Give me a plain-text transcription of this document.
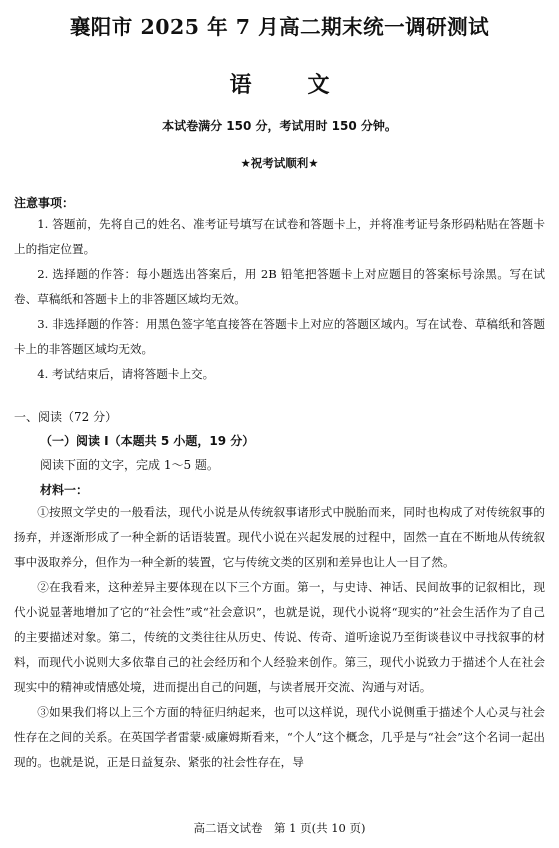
襄阳市 2025 年 7 月高二期末统一调研测试
语	文
本试卷满分 150 分，考试用时 150 分钟。
★祝考试顺利★
注意事项：

1. 答题前，先将自己的姓名、准考证号填写在试卷和答题卡上，并将准考证号条形码粘贴在答题卡上的指定位置。

2. 选择题的作答：每小题选出答案后，用 2B 铅笔把答题卡上对应题目的答案标号涂黑。写在试卷、草稿纸和答题卡上的非答题区域均无效。

3. 非选择题的作答：用黑色签字笔直接答在答题卡上对应的答题区域内。写在试卷、草稿纸和答题卡上的非答题区域均无效。

4. 考试结束后，请将答题卡上交。

一、阅读（72 分）
（一）阅读 I（本题共 5 小题，19 分）
阅读下面的文字，完成 1～5 题。
材料一：

①按照文学史的一般看法，现代小说是从传统叙事诸形式中脱胎而来，同时也构成了对传统叙事的扬弃，并逐渐形成了一种全新的话语装置。现代小说在兴起发展的过程中，固然一直在不断地从传统叙事中汲取养分，但作为一种全新的装置，它与传统文类的区别和差异也让人一目了然。

②在我看来，这种差异主要体现在以下三个方面。第一，与史诗、神话、民间故事的记叙相比，现代小说显著地增加了它的“社会性”或“社会意识”，也就是说，现代小说将“现实的”社会生活作为了自己的主要描述对象。第二，传统的文类往往从历史、传说、传奇、道听途说乃至街谈巷议中寻找叙事的材料，而现代小说则大多依靠自己的社会经历和个人经验来创作。第三，现代小说致力于描述个人在社会现实中的精神或情感处境，进而提出自己的问题，与读者展开交流、沟通与对话。

③如果我们将以上三个方面的特征归纳起来，也可以这样说，现代小说侧重于描述个人心灵与社会性存在之间的关系。在英国学者雷蒙·威廉姆斯看来，“个人”这个概念，几乎是与“社会”这个名词一起出现的。也就是说，正是日益复杂、紧张的社会性存在，导

高二语文试卷　第 1 页(共 10 页)
